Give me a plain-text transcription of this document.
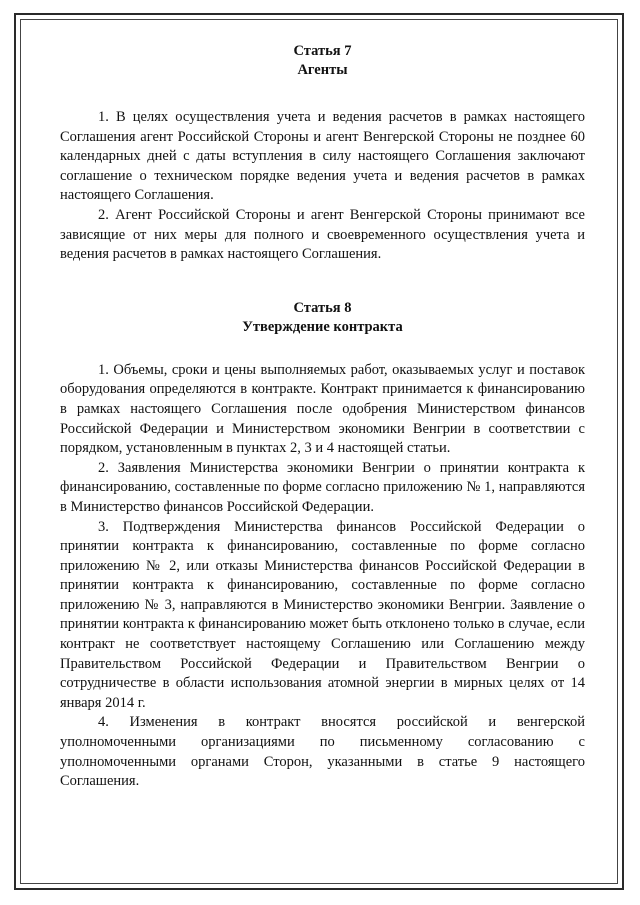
Статья 7

Агенты

1. В целях осуществления учета и ведения расчетов в рамках настоящего Соглашения агент Российской Стороны и агент Венгерской Стороны не позднее 60 календарных дней с даты вступления в силу настоящего Соглашения заключают соглашение о техническом порядке ведения учета и ведения расчетов в рамках настоящего Соглашения.

2. Агент Российской Стороны и агент Венгерской Стороны принимают все зависящие от них меры для полного и своевременного осуществления учета и ведения расчетов в рамках настоящего Соглашения.

Статья 8

Утверждение контракта

1. Объемы, сроки и цены выполняемых работ, оказываемых услуг и поставок оборудования определяются в контракте. Контракт принимается к финансированию в рамках настоящего Соглашения после одобрения Министерством финансов Российской Федерации и Министерством экономики Венгрии в соответствии с порядком, установленным в пунктах 2, 3 и 4 настоящей статьи.

2. Заявления Министерства экономики Венгрии о принятии контракта к финансированию, составленные по форме согласно приложению № 1, направляются в Министерство финансов Российской Федерации.

3. Подтверждения Министерства финансов Российской Федерации о принятии контракта к финансированию, составленные по форме согласно приложению № 2, или отказы Министерства финансов Российской Федерации в принятии контракта к финансированию, составленные по форме согласно приложению № 3, направляются в Министерство экономики Венгрии. Заявление о принятии контракта к финансированию может быть отклонено только в случае, если контракт не соответствует настоящему Соглашению или Соглашению между Правительством Российской Федерации и Правительством Венгрии о сотрудничестве в области использования атомной энергии в мирных целях от 14 января 2014 г.

4. Изменения в контракт вносятся российской и венгерской уполномоченными организациями по письменному согласованию с уполномоченными органами Сторон, указанными в статье 9 настоящего Соглашения.
